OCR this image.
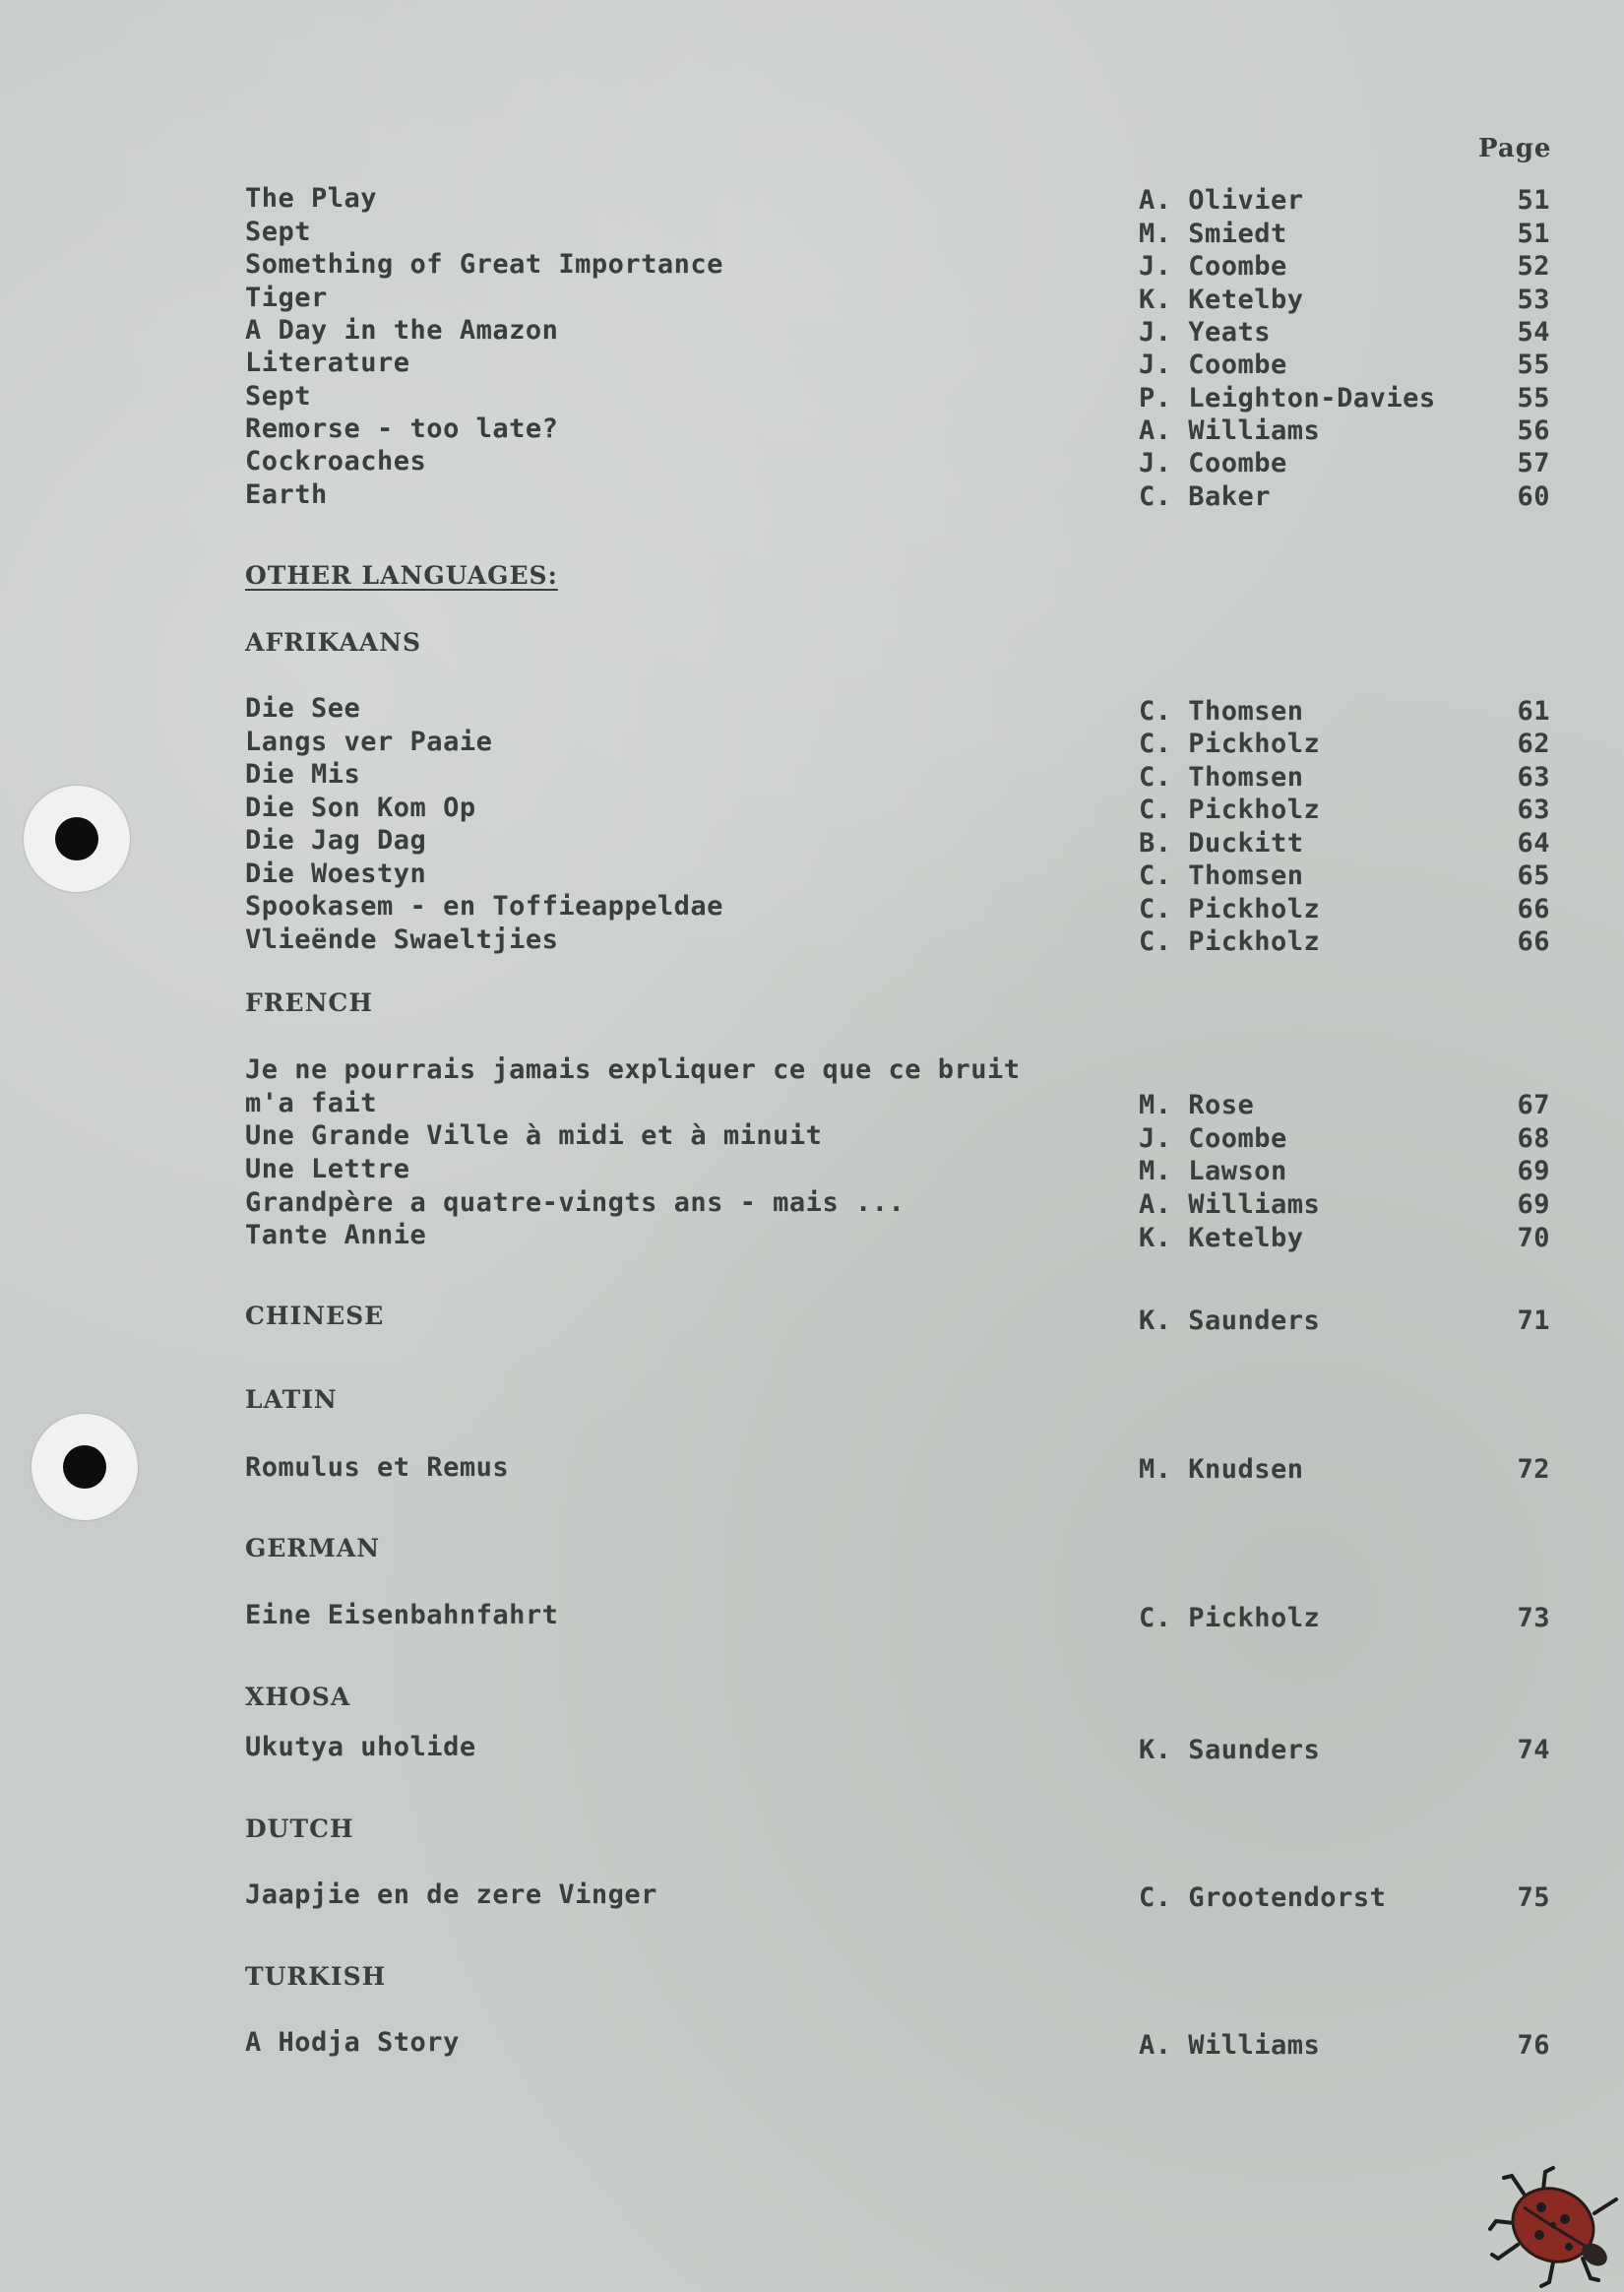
Page
The Play	A. Olivier	51
Sept	M. Smiedt	51
Something of Great Importance	J. Coombe	52
Tiger	K. Ketelby	53
A Day in the Amazon	J. Yeats	54
Literature	J. Coombe	55
Sept	P. Leighton-Davies	55
Remorse - too late?	A. Williams	56
Cockroaches	J. Coombe	57
Earth	C. Baker	60
OTHER LANGUAGES:
AFRIKAANS
Die See	C. Thomsen	61
Langs ver Paaie	C. Pickholz	62
Die Mis	C. Thomsen	63
Die Son Kom Op	C. Pickholz	63
Die Jag Dag	B. Duckitt	64
Die Woestyn	C. Thomsen	65
Spookasem - en Toffieappeldae	C. Pickholz	66
Vlieënde Swaeltjies	C. Pickholz	66
FRENCH
Je ne pourrais jamais expliquer ce que ce bruit
m'a fait	M. Rose	67
Une Grande Ville à midi et à minuit	J. Coombe	68
Une Lettre	M. Lawson	69
Grandpère a quatre-vingts ans - mais ...	A. Williams	69
Tante Annie	K. Ketelby	70
CHINESE	K. Saunders	71
LATIN
Romulus et Remus	M. Knudsen	72
GERMAN
Eine Eisenbahnfahrt	C. Pickholz	73
XHOSA
Ukutya uholide	K. Saunders	74
DUTCH
Jaapjie en de zere Vinger	C. Grootendorst	75
TURKISH
A Hodja Story	A. Williams	76
